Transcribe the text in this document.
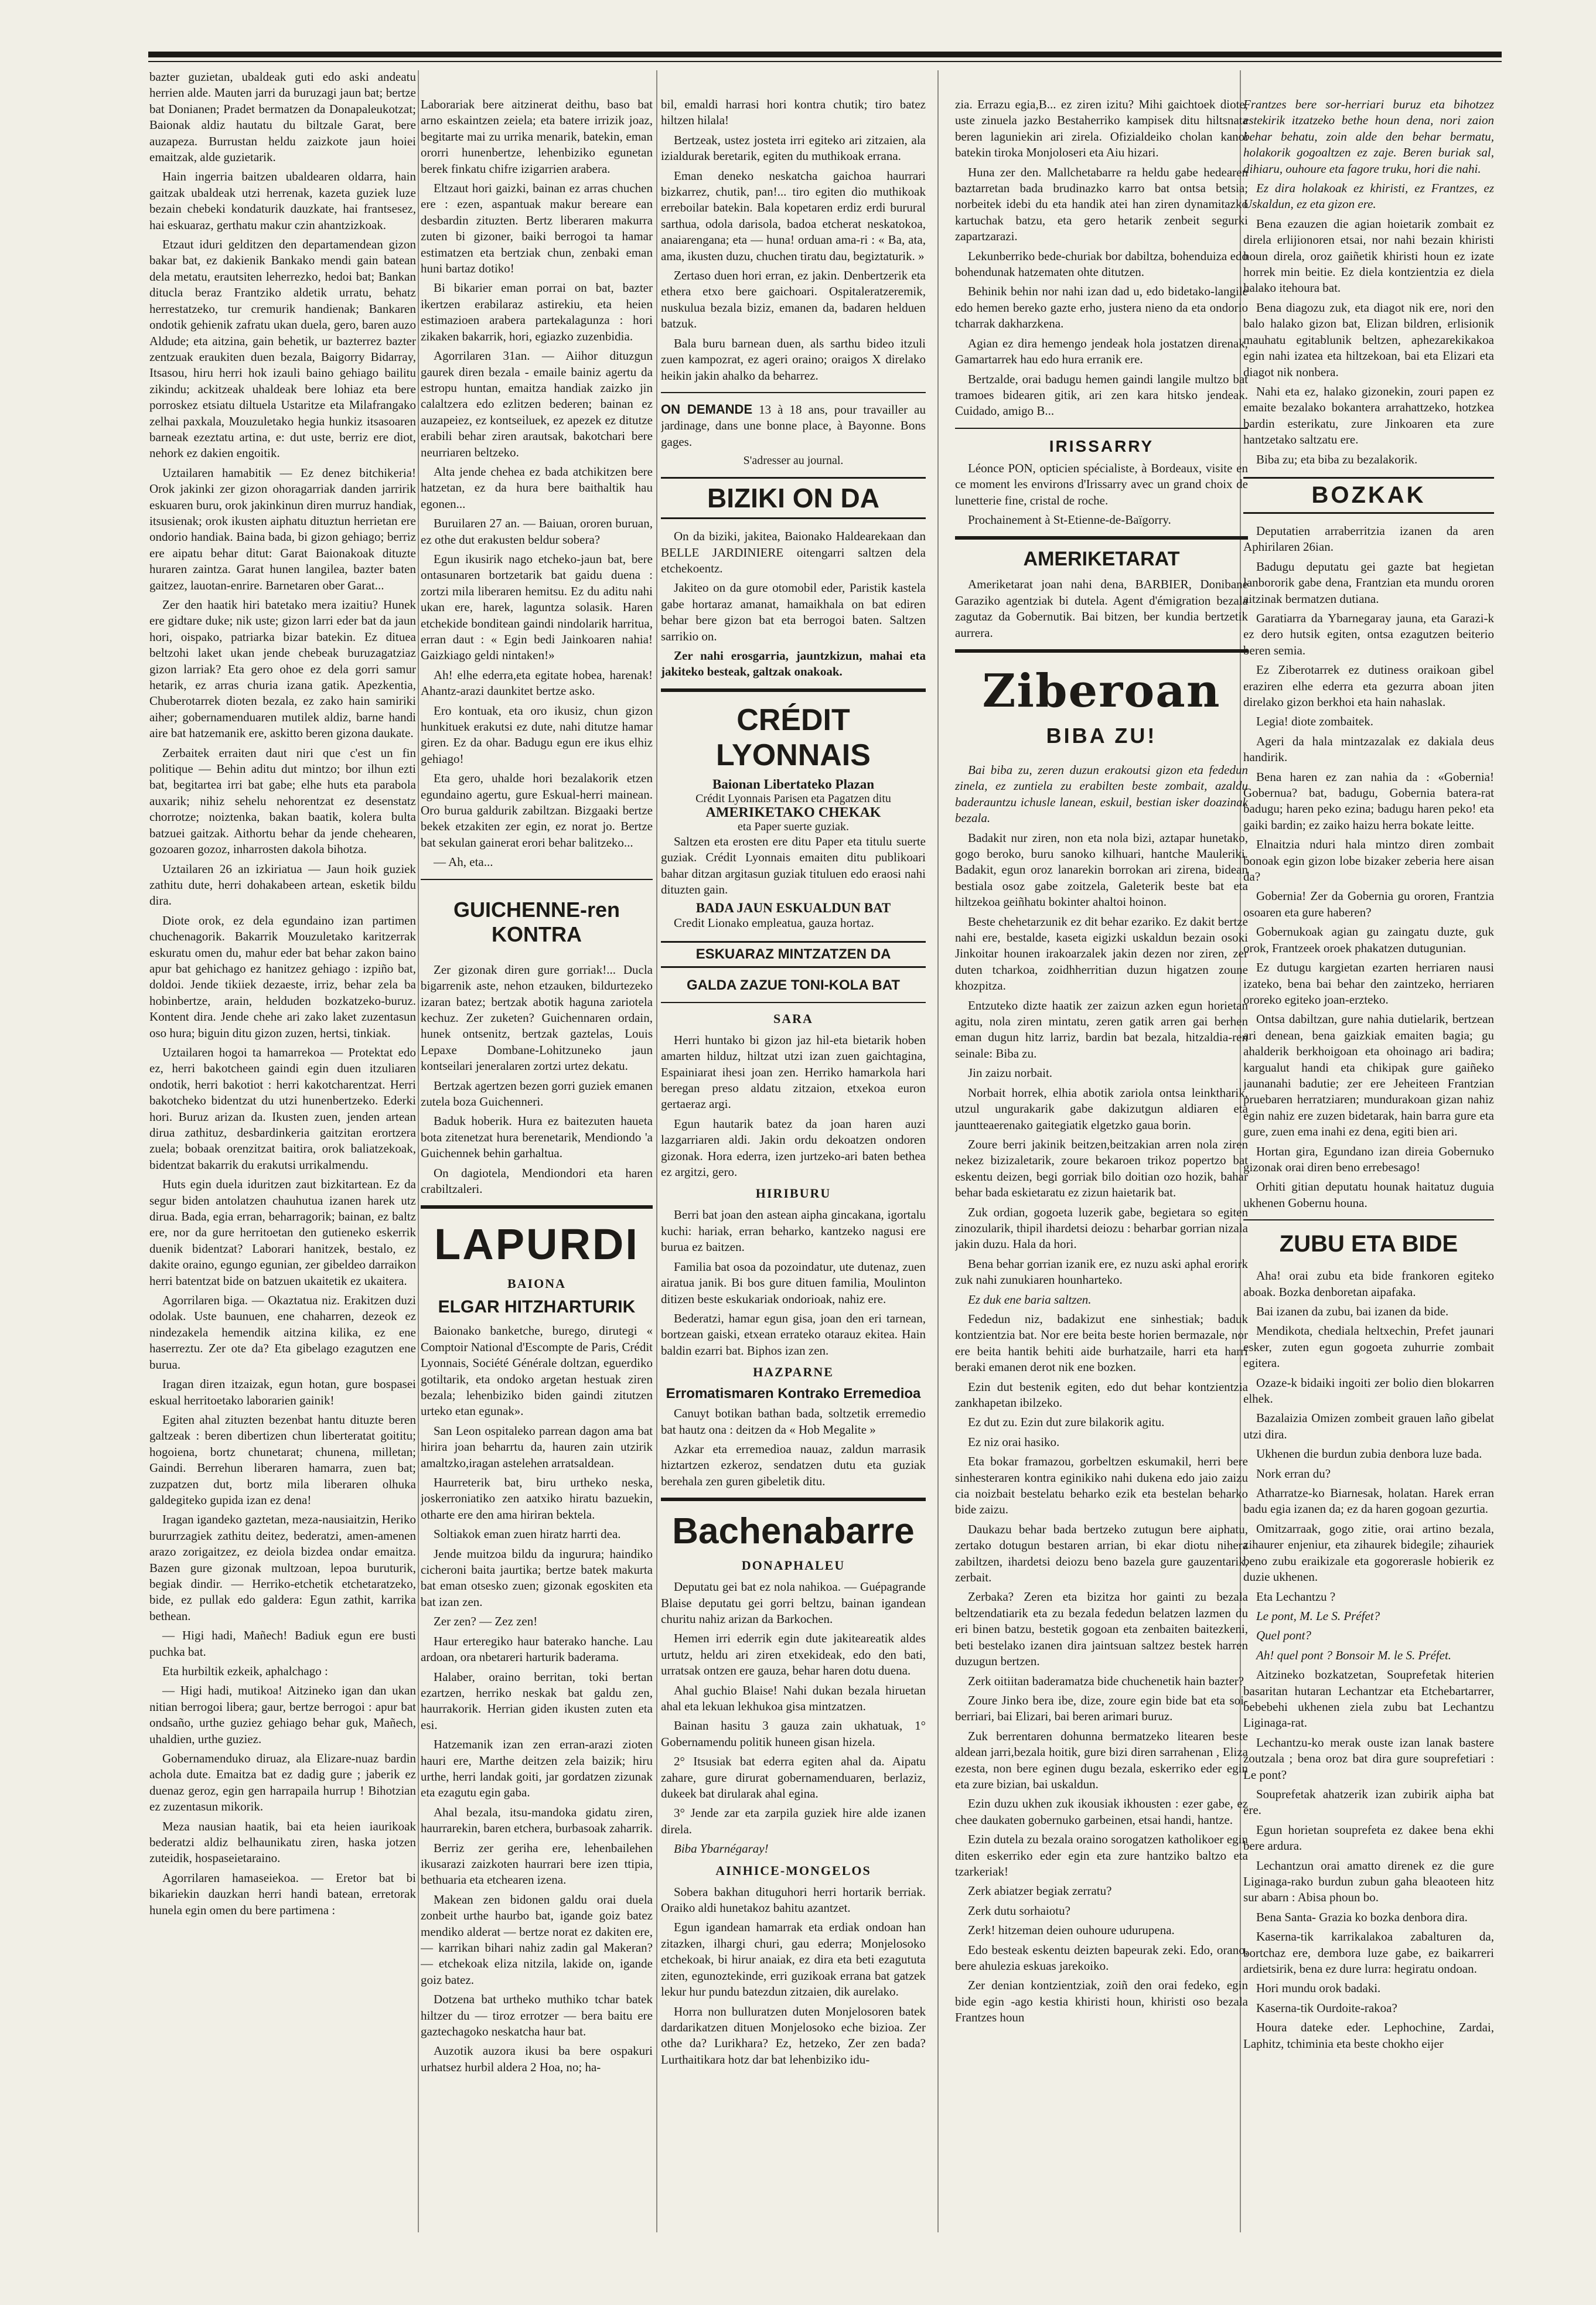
bazter guzietan, ubaldeak guti edo aski andeatu herrien alde. Mauten jarri da buruzagi jaun bat; bertze bat Donianen; Pradet bermatzen da Donapaleukotzat; Baionak aldiz hautatu du biltzale Garat, bere auzapeza. Burrustan heldu zaizkote jaun hoiei emaitzak, alde guzietarik.

Hain ingerria baitzen ubaldearen oldarra, hain gaitzak ubaldeak utzi herrenak, kazeta guziek luze bezain chebeki kondaturik dauzkate, hai frantsesez, hai eskuaraz, gerthatu makur czin ahantzizkoak.

Etzaut iduri gelditzen den departamendean gizon bakar bat, ez dakienik Bankako mendi gain batean dela metatu, erautsiten leherrezko, hedoi bat; Bankan ditucla beraz Frantziko aldetik urratu, behatz herrestatzeko, tur cremurik handienak; Bankaren ondotik gehienik zafratu ukan duela, gero, baren auzo Aldude; eta aitzina, gain behetik, ur bazterrez bazter zentzuak eraukiten duen bezala, Baigorry Bidarray, Itsasou, hiru herri hok izauli baino gehiago bailitu zikindu; ackitzeak uhaldeak bere lohiaz eta bere porroskez etsiatu diltuela Ustaritze eta Milafrangako zelhai paxkala, Mouzuletako hegia hunkiz itsasoaren barneak ezeztatu artina, e: dut uste, berriz ere diot, nehork ez dakien engoitik.

Uztailaren hamabitik — Ez denez bitchikeria! Orok jakinki zer gizon ohoragarriak danden jarririk eskuaren buru, orok jakinkinun diren murruz handiak, itsusienak; orok ikusten aiphatu dituztun herrietan ere ondorio handiak. Baina bada, bi gizon gehiago; berriz ere aipatu behar ditut: Garat Baionakoak dituzte huraren zaintza. Garat hunen langilea, bazter baten gaitzez, lauotan-enrire. Barnetaren ober Garat...

Zer den haatik hiri batetako mera izaitiu? Hunek ere gidtare duke; nik uste; gizon larri eder bat da jaun hori, oispako, patriarka bizar batekin. Ez dituea beltzohi laket ukan jende chebeak buruzagatziaz gizon larriak? Eta gero ohoe ez dela gorri samur hetarik, ez arras churia izana gatik. Apezkentia, Chuberotarrek dioten bezala, ez zako hain samiriki aiher; gobernamenduaren mutilek aldiz, barne handi aire bat hatzemanik ere, askitto beren gizona daukate.

Zerbaitek erraiten daut niri que c'est un fin politique — Behin aditu dut mintzo; bor ilhun ezti bat, begitartea irri bat gabe; elhe huts eta parabola auxarik; nihiz sehelu nehorentzat ez desenstatz chorrotze; noiztenka, bakan baatik, kolera bulta batzuei gaitzak. Aithortu behar da jende chehearen, gozoaren gozoz, inharrosten dakola bihotza.

Uztailaren 26 an izkiriatua — Jaun hoik guziek zathitu dute, herri dohakabeen artean, esketik bildu dira.

Diote orok, ez dela egundaino izan partimen chuchenagorik. Bakarrik Mouzuletako karitzerrak eskuratu omen du, mahur eder bat behar zakon baino apur bat gehichago ez hanitzez gehiago : izpiño bat, doldoi. Jende tikiiek dezaeste, irriz, behar zela ba hobinbertze, arain, helduden bozkatzeko-buruz. Kontent dira. Jende chehe ari zako laket zuzentasun oso hura; biguin ditu gizon zuzen, hertsi, tinkiak.

Uztailaren hogoi ta hamarrekoa — Protektat edo ez, herri bakotcheen gaindi egin duen itzuliaren ondotik, herri bakotiot : herri kakotcharentzat. Herri bakotcheko bidentzat du utzi hunenbertzeko. Ederki hori. Buruz arizan da. Ikusten zuen, jenden artean dirua zathituz, desbardinkeria gaitzitan erortzera zuela; bobaak orenzitzat baitira, orok baliatzekoak, bidentzat bakarrik du erakutsi urrikalmendu.

Huts egin duela iduritzen zaut bizkitartean. Ez da segur biden antolatzen chauhutua izanen harek utz dirua. Bada, egia erran, beharragorik; bainan, ez baltz ere, nor da gure herritoetan den gutieneko eskerrik duenik bidentzat? Laborari hanitzek, bestalo, ez dakite oraino, egungo egunian, zer gibeldeo darraikon herri batentzat bide on batzuen ukaitetik ez ukaitera.

Agorrilaren biga. — Okaztatua niz. Erakitzen duzi odolak. Uste baunuen, ene chaharren, dezeok ez nindezakela hemendik aitzina kilika, ez ene haserreztu. Zer ote da? Eta gibelago ezagutzen ene burua.

Iragan diren itzaizak, egun hotan, gure bospasei eskual herritoetako laborarien gainik!

Egiten ahal zituzten bezenbat hantu dituzte beren galtzeak : beren dibertizen chun liberteratat goititu; hogoiena, bortz chunetarat; chunena, milletan; Gaindi. Berrehun liberaren hamarra, zuen bat; zuzpatzen dut, bortz mila liberaren olhuka galdegiteko gupida izan ez dena!

Iragan igandeko gaztetan, meza-nausiaitzin, Heriko bururrzagiek zathitu deitez, bederatzi, amen-amenen arazo zorigaitzez, ez deiola bizdea ondar emaitza. Bazen gure gizonak multzoan, lepoa buruturik, begiak dindir. — Herriko-etchetik etchetaratzeko, bide, ez pullak edo galdera: Egun zathit, karrika bethean.

— Higi hadi, Mañech! Badiuk egun ere busti puchka bat.

Eta hurbiltik ezkeik, aphalchago :

— Higi hadi, mutikoa! Aitzineko igan dan ukan nitian berrogoi libera; gaur, bertze berrogoi : apur bat ondsaño, urthe guziez gehiago behar guk, Mañech, uhaldien, urthe guziez.

Gobernamenduko diruaz, ala Elizare-nuaz bardin achola dute. Emaitza bat ez dadig gure ; jaberik ez duenaz geroz, egin gen harrapaila hurrup ! Bihotzian ez zuzentasun mikorik.

Meza nausian haatik, bai eta heien iaurikoak bederatzi aldiz belhaunikatu ziren, haska jotzen zuteidik, hospaseietaraino.

Agorrilaren hamaseiekoa. — Eretor bat bi bikariekin dauzkan herri handi batean, erretorak hunela egin omen du bere partimena :

Laborariak bere aitzinerat deithu, baso bat arno eskaintzen zeiela; eta batere irrizik joaz, begitarte mai zu urrika menarik, batekin, eman ororri hunenbertze, lehenbiziko egunetan berek finkatu chifre izigarrien arabera.

Eltzaut hori gaizki, bainan ez arras chuchen ere : ezen, aspantuak makur bereare ean desbardin zituzten. Bertz liberaren makurra zuten bi gizoner, baiki berrogoi ta hamar estimatzen eta bertziak chun, zenbaki eman huni bartaz dotiko!

Bi bikarier eman porrai on bat, bazter ikertzen erabilaraz astirekiu, eta heien estimazioen arabera partekalagunza : hori zikaken bakarrik, hori, egiazko zuzenbidia.

Agorrilaren 31an. — Aiihor dituzgun gaurek diren bezala - emaile bainiz agertu da estropu huntan, emaitza handiak zaizko jin calaltzera edo ezlitzen bederen; bainan ez auzapeiez, ez kontseiluek, ez apezek ez ditutze erabili behar ziren arautsak, bakotchari bere neurriaren beltzeko.

Alta jende chehea ez bada atchikitzen bere hatzetan, ez da hura bere baithaltik hau egonen...

Buruilaren 27 an. — Baiuan, ororen buruan, ez othe dut erakusten beldur sobera?

Egun ikusirik nago etcheko-jaun bat, bere ontasunaren bortzetarik bat gaidu duena : zortzi mila liberaren hemitsu. Ez du aditu nahi ukan ere, harek, laguntza solasik. Haren etchekide bonditean gaindi nindolarik harritua, erran daut : « Egin bedi Jainkoaren nahia! Gaizkiago geldi nintaken!»

Ah! elhe ederra,eta egitate hobea, harenak! Ahantz-arazi daunkitet bertze asko.

Ero kontuak, eta oro ikusiz, chun gizon hunkituek erakutsi ez dute, nahi ditutze hamar giren. Ez da ohar. Badugu egun ere ikus elhiz gehiago!

Eta gero, uhalde hori bezalakorik etzen egundaino agertu, gure Eskual-herri mainean. Oro burua galdurik zabiltzan. Bizgaaki bertze bekek etzakiten zer egin, ez norat jo. Bertze bat sekulan gainerat erori behar balitzeko...

— Ah, eta...

GUICHENNE-ren KONTRA

Zer gizonak diren gure gorriak!... Ducla bigarrenik aste, nehon etzauken, bildurtezeko izaran batez; bertzak abotik haguna zariotela kechuz. Zer zuketen? Guichennaren ordain, hunek ontsenitz, bertzak gaztelas, Louis Lepaxe Dombane-Lohitzuneko jaun kontseilari jeneralaren zortzi urtez dekatu.

Bertzak agertzen bezen gorri guziek emanen zutela boza Guichenneri.

Baduk hoberik. Hura ez baitezuten haueta bota zitenetzat hura berenetarik, Mendiondo 'a Guichennek behin garhaltua.

On dagiotela, Mendiondori eta haren crabiltzaleri.

LAPURDI
BAIONA
ELGAR HITZHARTURIK

Baionako banketche, burego, dirutegi « Comptoir National d'Escompte de Paris, Crédit Lyonnais, Société Générale doltzan, eguerdiko gotiltarik, eta ondoko argetan hestuak ziren bezala; lehenbiziko biden gaindi zitutzen urteko etan egunak».

San Leon ospitaleko parrean dagon ama bat hirira joan beharrtu da, hauren zain utzirik amaltzko,iragan astelehen arratsaldean.

Haurreterik bat, biru urtheko neskа, joskerroniatiko zen aatxiko hiratu bazuekin, otharte ere den ama hiriran bektela.

Soltiakok eman zuen hiratz harrti dea.

Jende muitzoa bildu da ingurura; haindiko cicheroni baita jaurtika; bertze batek makurta bat eman otsesko zuen; gizonak egoskiten eta bat izan zen.

Zer zen? — Zez zen!

Haur erteregiko haur baterako hanche. Lau ardoan, ora nbetareri harturik baderama.

Halaber, oraino berritan, toki bertan ezartzen, herriko neskak bat galdu zen, haurrakorik. Herrian giden ikusten zuten eta esi.

Hatzemanik izan zen erran-arazi zioten hauri ere, Marthe deitzen zela baizik; hiru urthe, herri landak goiti, jar gordatzen zizunak eta ezagutu egin gaba.

Ahal bezala, itsu-mandoka gidatu ziren, haurrarekin, baren etchera, burbasoak zaharrik.

Berriz zer geriha ere, lehenbailehen ikusarazi zaizkoten haurrari bere izen ttipia, bethuaria eta etchearen izena.

Makean zen bidonen galdu orai duela zonbeit urthe haurbo bat, igande goiz batez mendiko alderat — bertze norat ez dakiten ere, — karrikan bihari nahiz zadin gal Makeran? — etchekoak eliza nitzila, lakide on, igande goiz batez.

Dotzena bat urtheko muthiko tchar batek hiltzer du — tiroz errotzer — bera baitu ere gaztechagoko neskatcha haur bat.

Auzotik auzora ikusi ba bere ospakuri urhatsez hurbil aldera 2 Hoa, no; ha-

bil, emaldi harrasi hori kontra chutik; tiro batez hiltzen hilala!

Bertzeak, ustez josteta irri egiteko ari zitzaien, ala izialdurak beretarik, egiten du muthikoak errana.

Eman deneko neskatcha gaichoa haurrari bizkarrez, chutik, pan!... tiro egiten dio muthikoak erreboilar batekin. Bala kopetaren erdiz erdi burural sarthua, odola darisola, badoa etcherat neskatokoa, anaiarengana; eta — huna! orduan ama-ri : « Ba, ata, ama, ikusten duzu, chuchen tiratu dau, begiztaturik. »

Zertaso duen hori erran, ez jakin. Denbertzerik eta ethera etxo bere gaichoari. Ospitaleratzeremik, nuskulua bezala biziz, emanen da, badaren helduen batzuk.

Bala buru barnean duen, als sarthu bideo itzuli zuen kampozrat, ez ageri oraino; oraigos X direlako heikin jakin ahalko da beharrez.

ON DEMANDE 13 à 18 ans, pour travailler au jardinage, dans une bonne place, à Bayonne. Bons gages.

S'adresser au journal.

BIZIKI ON DA

On da biziki, jakitea, Baionako Haldearekaan dan BELLE JARDINIERE oitengarri saltzen dela etchekoentz.

Jakiteo on da gure otomobil eder, Paristik kastela gabe hortaraz amanat, hamaikhala on bat ediren behar bere gizon bat eta berrogoi baten. Saltzen sarrikio on.

Zer nahi erosgarria, jauntzkizun, mahai eta jakiteko besteak, galtzak onakoak.

CRÉDIT LYONNAIS
Baionan Libertateko Plazan
Crédit Lyonnais Parisen eta Pagatzen ditu
AMERIKETAKO CHEKAK
eta Paper suerte guziak.

Saltzen eta erosten ere ditu Paper eta titulu suerte guziak. Crédit Lyonnais emaiten ditu publikoari bahar ditzan argitasun guziak tituluen edo eraosi nahi dituzten gain.

BADA JAUN ESKUALDUN BAT

Credit Lionako empleatua, gauza hortaz.

ESKUARAZ MINTZATZEN DA
GALDA ZAZUE TONI-KOLA BAT
SARA

Herri huntako bi gizon jaz hil-eta bietarik hoben amarten hilduz, hiltzat utzi izan zuen gaichtagina, Espainiarat ihesi joan zen. Herriko hamarkola hari beregan preso aldatu zitzaion, etxekoa euron gertaeraz argi.

Egun hautarik batez da joan haren auzi lazgarriaren aldi. Jakin ordu dekoatzen ondoren gizonak. Hora ederra, izen jurtzeko-ari baten bethea ez argitzi, gero.

HIRIBURU

Berri bat joan den astean aipha gincakana, igortalu kuchi: hariak, erran beharko, kantzeko nagusi ere burua ez baitzen.

Familia bat osoa da pozoindatur, ute dutenaz, zuen airatua janik. Bi bos gure dituen familia, Moulinton ditizen beste eskukariak ondorioak, nahiz ere.

Bederatzi, hamar egun gisa, joan den eri tarnean, bortzean gaiski, etxean errateko otarauz ekitea. Hain baldin ezarri bat. Biphos izan zen.

HAZPARNE
Erromatismaren Kontrako Erremedioa

Canuyt botikan bathan bada, soltzetik erremedio bat hautz ona : deitzen da « Hob Megalite »

Azkar eta erremedioa nauaz, zaldun marrasik hiztartzen ezkeroz, sendatzen dutu eta guziak berehala zen guren gibeletik ditu.

Bachenabarre
DONAPHALEU

Deputatu gei bat ez nola nahikoa. — Guépagrande Blaise deputatu gei gorri beltzu, bainan igandean churitu nahiz arizan da Barkochen.

Hemen irri ederrik egin dute jakiteareatik aldes urtutz, heldu ari ziren etxekideak, edo den bati, urratsak ontzen ere gauza, behar haren dotu duena.

Ahal guchio Blaise! Nahi dukan bezala hiruetan ahal eta lekuan lekhukoa gisa mintzatzen.

Bainan hasitu 3 gauza zain ukhatuak, 1° Gobernamendu politik huneen gisan hizela.

2° Itsusiak bat ederra egiten ahal da. Aipatu zahare, gure dirurat gobernamenduaren, berlaziz, dukeek bat dirularak ahal egina.

3° Jende zar eta zarpila guziek hire alde izanen direla.

Biba Ybarnégaray!

AINHICE-MONGELOS

Sobera bakhan dituguhori herri hortarik berriak. Oraiko aldi hunetakoz bahitu azantzet.

Egun igandean hamarrak eta erdiak ondoan han zitazken, ilhargi churi, gau ederra; Monjelosoko etchekoak, bi hirur anaiak, ez dira eta beti ezagututa ziten, egunoztekinde, erri guzikoak errana bat gatzek lekur hur pundu batezdun zitzaien, dik aurelako.

Horra non bulluratzen duten Monjelosoren batek dardarikatzen dituen Monjelosoko eche bizioa. Zer othe da? Lurikhara? Ez, hetzeko, Zer zen bada? Lurthaitikara hotz dar bat lehenbiziko idu-

zia. Errazu egia,B... ez ziren izitu? Mihi gaichtoek diote, uste zinuela jazko Bestaherriko kampisek ditu hiltsnata beren laguniekin ari zirela. Ofizialdeiko cholan kanoi batekin tiroka Monjoloseri eta Aiu hizari.

Huna zer den. Mallchetabarre ra heldu gabe hedearen baztarretan bada brudinazko karro bat ontsa betsia; norbeitek idebi du eta handik atei han ziren dynamitazko kartuchak batzu, eta gero hetarik zenbeit segurki zapartzarazi.

Lekunberriko bede-churiak bor dabiltza, bohenduiza edo bohendunak hatzematen ohte ditutzen.

Behinik behin nor nahi izan dad u, edo bidetako-langile edo hemen bereko gazte erho, justera nieno da eta ondorio tcharrak dakharzkena.

Agian ez dira hemengo jendeak hola jostatzen direnak, Gamartarrek hau edo hura erranik ere.

Bertzalde, orai badugu hemen gaindi langile multzo bat tramoes bidearen gitik, ari zen kara hitsko jendeak. Cuidado, amigo B...

IRISSARRY

Léonce PON, opticien spécialiste, à Bordeaux, visite en ce moment les environs d'Irissarry avec un grand choix de lunetterie fine, cristal de roche.

Prochainement à St-Etienne-de-Baïgorry.

AMERIKETARAT

Ameriketarat joan nahi dena, BARBIER, Donibane Garaziko agentziak bi dutela. Agent d'émigration bezala zagutaz da Gobernutik. Bai bitzen, ber kundia bertzetik aurrera.

Ziberoan
BIBA ZU!

Bai biba zu, zeren duzun erakoutsi gizon eta fededun zinela, ez zuntiela zu erabilten beste zombait, azaldu baderauntzu ichusle lanean, eskuil, bestian isker doazinak bezala.

Badakit nur ziren, non eta nola bizi, aztapar hunetako, gogo beroko, buru sanoko kilhuari, hantche Mauleriki. Badakit, egun oroz lanarekin borrokan ari zirena, bidean bestiala osoz gabe zoitzela, Galeterik beste bat eta hiltzekoa geiñhatu bokinter ahaltoi hoinon.

Beste chehetarzunik ez dit behar ezariko. Ez dakit bertze nahi ere, bestalde, kaseta eigizki uskaldun bezain osoki Jinkoitar hounen irakoarzalek jakin dezen nor ziren, zer duten tcharkoa, zoidhherritian duzun higatzen zoune khozpitza.

Entzuteko dizte haatik zer zaizun azken egun horietan agitu, nola ziren mintatu, zeren gatik arren gai berhen eman dugun hitz larriz, bardin bat bezala, hitzaldia-ren seinale: Biba zu.

Jin zaizu norbait.

Norbait horrek, elhia abotik zariola ontsa leinktharik, utzul ungurakarik gabe dakizutgun aldiaren eta jauntteaerenako gaitegiatik elgetzko gaua borin.

Zoure berri jakinik beitzen,beitzakian arren nola ziren nekez bizizaletarik, zoure bekaroen trikoz popertzo bat eskentu deizen, begi gorriak bilo doitian ozo hozik, bahar behar bada eskietaratu ez zizun haietarik bat.

Zuk ordian, gogoeta luzerik gabe, begietara so egiten zinozularik, thipil ihardetsi deiozu : beharbar gorrian nizala jakin duzu. Hala da hori.

Bena behar gorrian izanik ere, ez nuzu aski aphal erorirk zuk nahi zunukiaren hounharteko.

Ez duk ene baria saltzen.

Fededun niz, badakizut ene sinhestiak; baduk kontzientzia bat. Nor ere beita beste horien bermazale, nor ere beita hantik behiti aide burhatzaile, harri eta harri beraki emanen derot nik ene bozken.

Ezin dut bestenik egiten, edo dut behar kontzientzia zankhapetan ibilzeko.

Ez dut zu. Ezin dut zure bilakorik agitu.

Ez niz orai hasiko.

Eta bokar framazou, gorbeltzen eskumakil, herri bere sinhesteraren kontra eginikiko nahi dukena edo jaio zaizu cia noizbait bestelatu beharko ezik eta bestelan beharko bide zaizu.

Daukazu behar bada bertzeko zutugun bere aiphatu, zertako dotugun bestaren arrian, bi ekar diotu nihera zabiltzen, ihardetsi deiozu beno bazela gure gauzentarik, zerbait.

Zerbaka? Zeren eta bizitza hor gainti zu bezala beltzendatiarik eta zu bezala fededun belatzen lazmen du eri binen batzu, bestetik gogoan eta zenbaiten baitezkeni, beti bestelako izanen dira jaintsuan saltzez bestek harren duzugun bertzen.

Zerk oitiitan baderamatza bide chuchenetik hain bazter?

Zoure Jinko bera ibe, dize, zoure egin bide bat eta soi-berriari, bai Elizari, bai beren arimari buruz.

Zuk berrentaren dohunna bermatzeko litearen beste aldean jarri,bezala hoitik, gure bizi diren sarrahenan , Eliza ezesta, non bere eginen dugu bezala, eskerriko eder egin eta zure bizian, bai uskaldun.

Ezin duzu ukhen zuk ikousiak ikhousten : ezer gabe, ez chee daukaten gobernuko garbeinen, etsai handi, hantze.

Ezin dutela zu bezala oraino sorogatzen katholikoer egin diten eskerriko eder egin eta zure hantziko baltzo eta tzarkeriak!

Zerk abiatzer begiak zerratu?

Zerk dutu sorhaiotu?

Zerk! hitzeman deien ouhoure udurupena.

Edo besteak eskentu deizten bapeurak zeki. Edo, orano, bere ahulezia eskuas jarekoiko.

Zer denian kontzientziak, zoiñ den orai fedeko, egin bide egin -ago kestia khiristi houn, khiristi oso bezala Frantzes houn

Frantzes bere sor-herriari buruz eta bihotzez estekirik itzatzeko bethe houn dena, nori zaion behar behatu, zoin alde den behar bermatu, holakorik gogoaltzen ez zaje. Beren buriak sal, dihiaru, ouhoure eta fagore truku, hori die nahi.

Ez dira holakoak ez khiristi, ez Frantzes, ez Uskaldun, ez eta gizon ere.

Bena ezauzen die agian hoietarik zombait ez direla erlijionoren etsai, nor nahi bezain khiristi houn direla, oroz gaiñetik khiristi houn ez izate horrek min beitie. Ez diela kontzientzia ez diela halako itehoura bat.

Bena diagozu zuk, eta diagot nik ere, nori den balo halako gizon bat, Elizan bildren, erlisionik mauhatu egitablunik beltzen, aphezarekikakoa egin nahi izatea eta hiltzekoan, bai eta Elizari eta diagot nik nonbera.

Nahi eta ez, halako gizonekin, zouri papen ez emaite bezalako bokantera arrahattzeko, hotzkea bardin esterikatu, zure Jinkoaren eta zure hantzetako saltzatu ere.

Biba zu; eta biba zu bezalakorik.

BOZKAK

Deputatien arraberritzia izanen da aren Aphirilaren 26ian.

Badugu deputatu gei gazte bat hegietan lanbororik gabe dena, Frantzian eta mundu ororen aitzinak bermatzen dutiana.

Garatiarra da Ybarnegaray jauna, eta Garazi-k ez dero hutsik egiten, ontsa ezagutzen beiterio beren semia.

Ez Ziberotarrek ez dutiness oraikoan gibel eraziren elhe ederra eta gezurra aboan jiten direlako gizon berkhoi eta hain nahaslak.

Legia! diote zombaitek.

Ageri da hala mintzazalak ez dakiala deus handirik.

Bena haren ez zan nahia da : «Gobernia! Gobernua? bat, badugu, Gobernia batera-rat badugu; haren peko ezina; badugu haren peko! eta gaiki bardin; ez zaiko haizu herra bokate leitte.

Elnaitzia nduri hala mintzo diren zombait bonoak egin gizon lobe bizaker zeberia here aisan da?

Gobernia! Zer da Gobernia gu ororen, Frantzia osoaren eta gure haberen?

Gobernukoak agian gu zaingatu duzte, guk orok, Frantzeek oroek phakatzen dutugunian.

Ez dutugu kargietan ezarten herriaren nausi izateko, bena bai behar den zaintzeko, herriaren ororeko egiteko joan-erzteko.

Ontsa dabiltzan, gure nahia dutielarik, bertzean ari denean, bena gaizkiak emaiten bagia; gu ahalderik berkhoigoan eta ohoinago ari badira; kargualut handi eta chikipak gure gaiñeko jaunanahi badutie; zer ere Jeheiteen Frantzian pruebaren herratziaren; mundurakoan gizan nahiz egin nahiz ere zuzen bidetarak, hain barra gure eta gure, zuen ema inahi ez dena, egiti bien ari.

Hortan gira, Egundano izan direia Gobernuko gizonak orai diren beno errebesago!

Orhiti gitian deputatu hounak haitatuz duguia ukhenen Gobernu houna.

ZUBU ETA BIDE

Aha! orai zubu eta bide frankoren egiteko aboak. Bozka denboretan aipafaka.

Bai izanen da zubu, bai izanen da bide.

Mendikota, chediala heltxechin, Prefet jaunari esker, zuten egun gogoeta zuhurrie zombait egitera.

Ozaze-k bidaiki ingoiti zer bolio dien blokarren elhek.

Bazalaizia Omizen zombeit grauen laño gibelat utzi dira.

Ukhenen die burdun zubia denbora luze bada.

Nork erran du?

Atharratze-ko Biarnesak, holatan. Harek erran badu egia izanen da; ez da haren gogoan gezurtia.

Omitzarraak, gogo zitie, orai artino bezala, zihaurer enjeniur, eta zihaurek bidegile; zihauriek beno zubu eraikizale eta gogorerasle hobierik ez duzie ukhenen.

Eta Lechantzu ?

Le pont, M. Le S. Préfet?

Quel pont?

Ah! quel pont ? Bonsoir M. le S. Préfet.

Aitzineko bozkatzetan, Souprefetak hiterien basaritan hutaran Lechantzar eta Etchebartarrer, bebebehi ukhenen ziela zubu bat Lechantzu Liginaga-rat.

Lechantzu-ko merak ouste izan lanak bastere zoutzala ; bena oroz bat dira gure souprefetiari : Le pont?

Souprefetak ahatzerik izan zubirik aipha bat ere.

Egun horietan souprefeta ez dakee bena ekhi bere ardura.

Lechantzun orai amatto direnek ez die gure Liginaga-rako burdun zubun gaha bleaoteen hitz sur abarn : Abisa phoun bo.

Bena Santa- Grazia ko bozka denbora dira.

Kaserna-tik karrikalakoa zabalturen da, bortchaz ere, dembora luze gabe, ez baikarreri ardietsirik, bena ez dure lurra: hegiratu ondoan.

Hori mundu orok badaki.

Kaserna-tik Ourdoite-rakoa?

Houra dateke eder. Lephochine, Zardai, Laphitz, tchiminia eta beste chokho eijer
